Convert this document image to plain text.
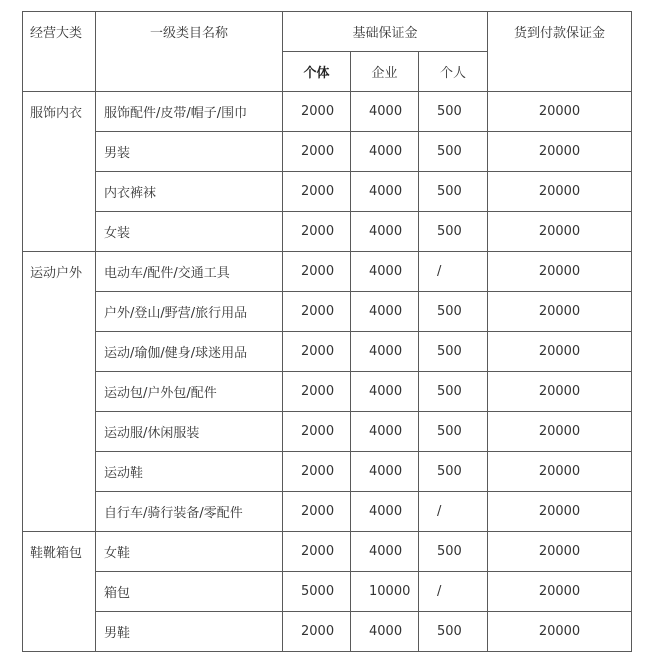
经营大类	一级类目名称	基础保证金			货到付款保证金
		个体	企业	个人	
服饰内衣	服饰配件/皮带/帽子/围巾	2000	4000	500	20000
	男装	2000	4000	500	20000
	内衣裤袜	2000	4000	500	20000
	女装	2000	4000	500	20000
运动户外	电动车/配件/交通工具	2000	4000	/	20000
	户外/登山/野营/旅行用品	2000	4000	500	20000
	运动/瑜伽/健身/球迷用品	2000	4000	500	20000
	运动包/户外包/配件	2000	4000	500	20000
	运动服/休闲服装	2000	4000	500	20000
	运动鞋	2000	4000	500	20000
	自行车/骑行装备/零配件	2000	4000	/	20000
鞋靴箱包	女鞋	2000	4000	500	20000
	箱包	5000	10000	/	20000
	男鞋	2000	4000	500	20000
